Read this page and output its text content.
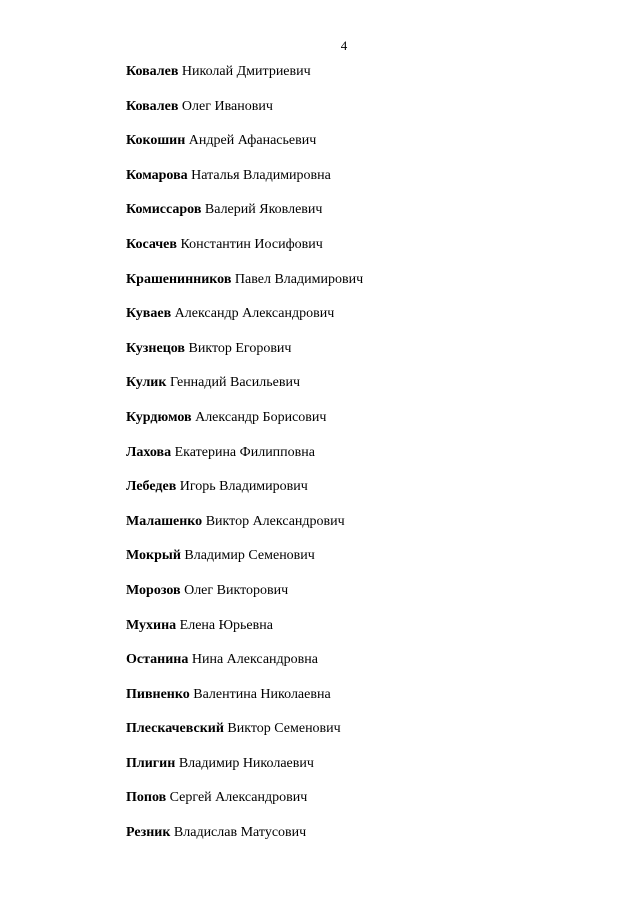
4
Ковалев Николай Дмитриевич
Ковалев Олег Иванович
Кокошин Андрей Афанасьевич
Комарова Наталья Владимировна
Комиссаров Валерий Яковлевич
Косачев Константин Иосифович
Крашенинников Павел Владимирович
Куваев Александр Александрович
Кузнецов Виктор Егорович
Кулик Геннадий Васильевич
Курдюмов Александр Борисович
Лахова Екатерина Филипповна
Лебедев Игорь Владимирович
Малашенко Виктор Александрович
Мокрый Владимир Семенович
Морозов Олег Викторович
Мухина Елена Юрьевна
Останина Нина Александровна
Пивненко Валентина Николаевна
Плескачевский Виктор Семенович
Плигин Владимир Николаевич
Попов Сергей Александрович
Резник Владислав Матусович
